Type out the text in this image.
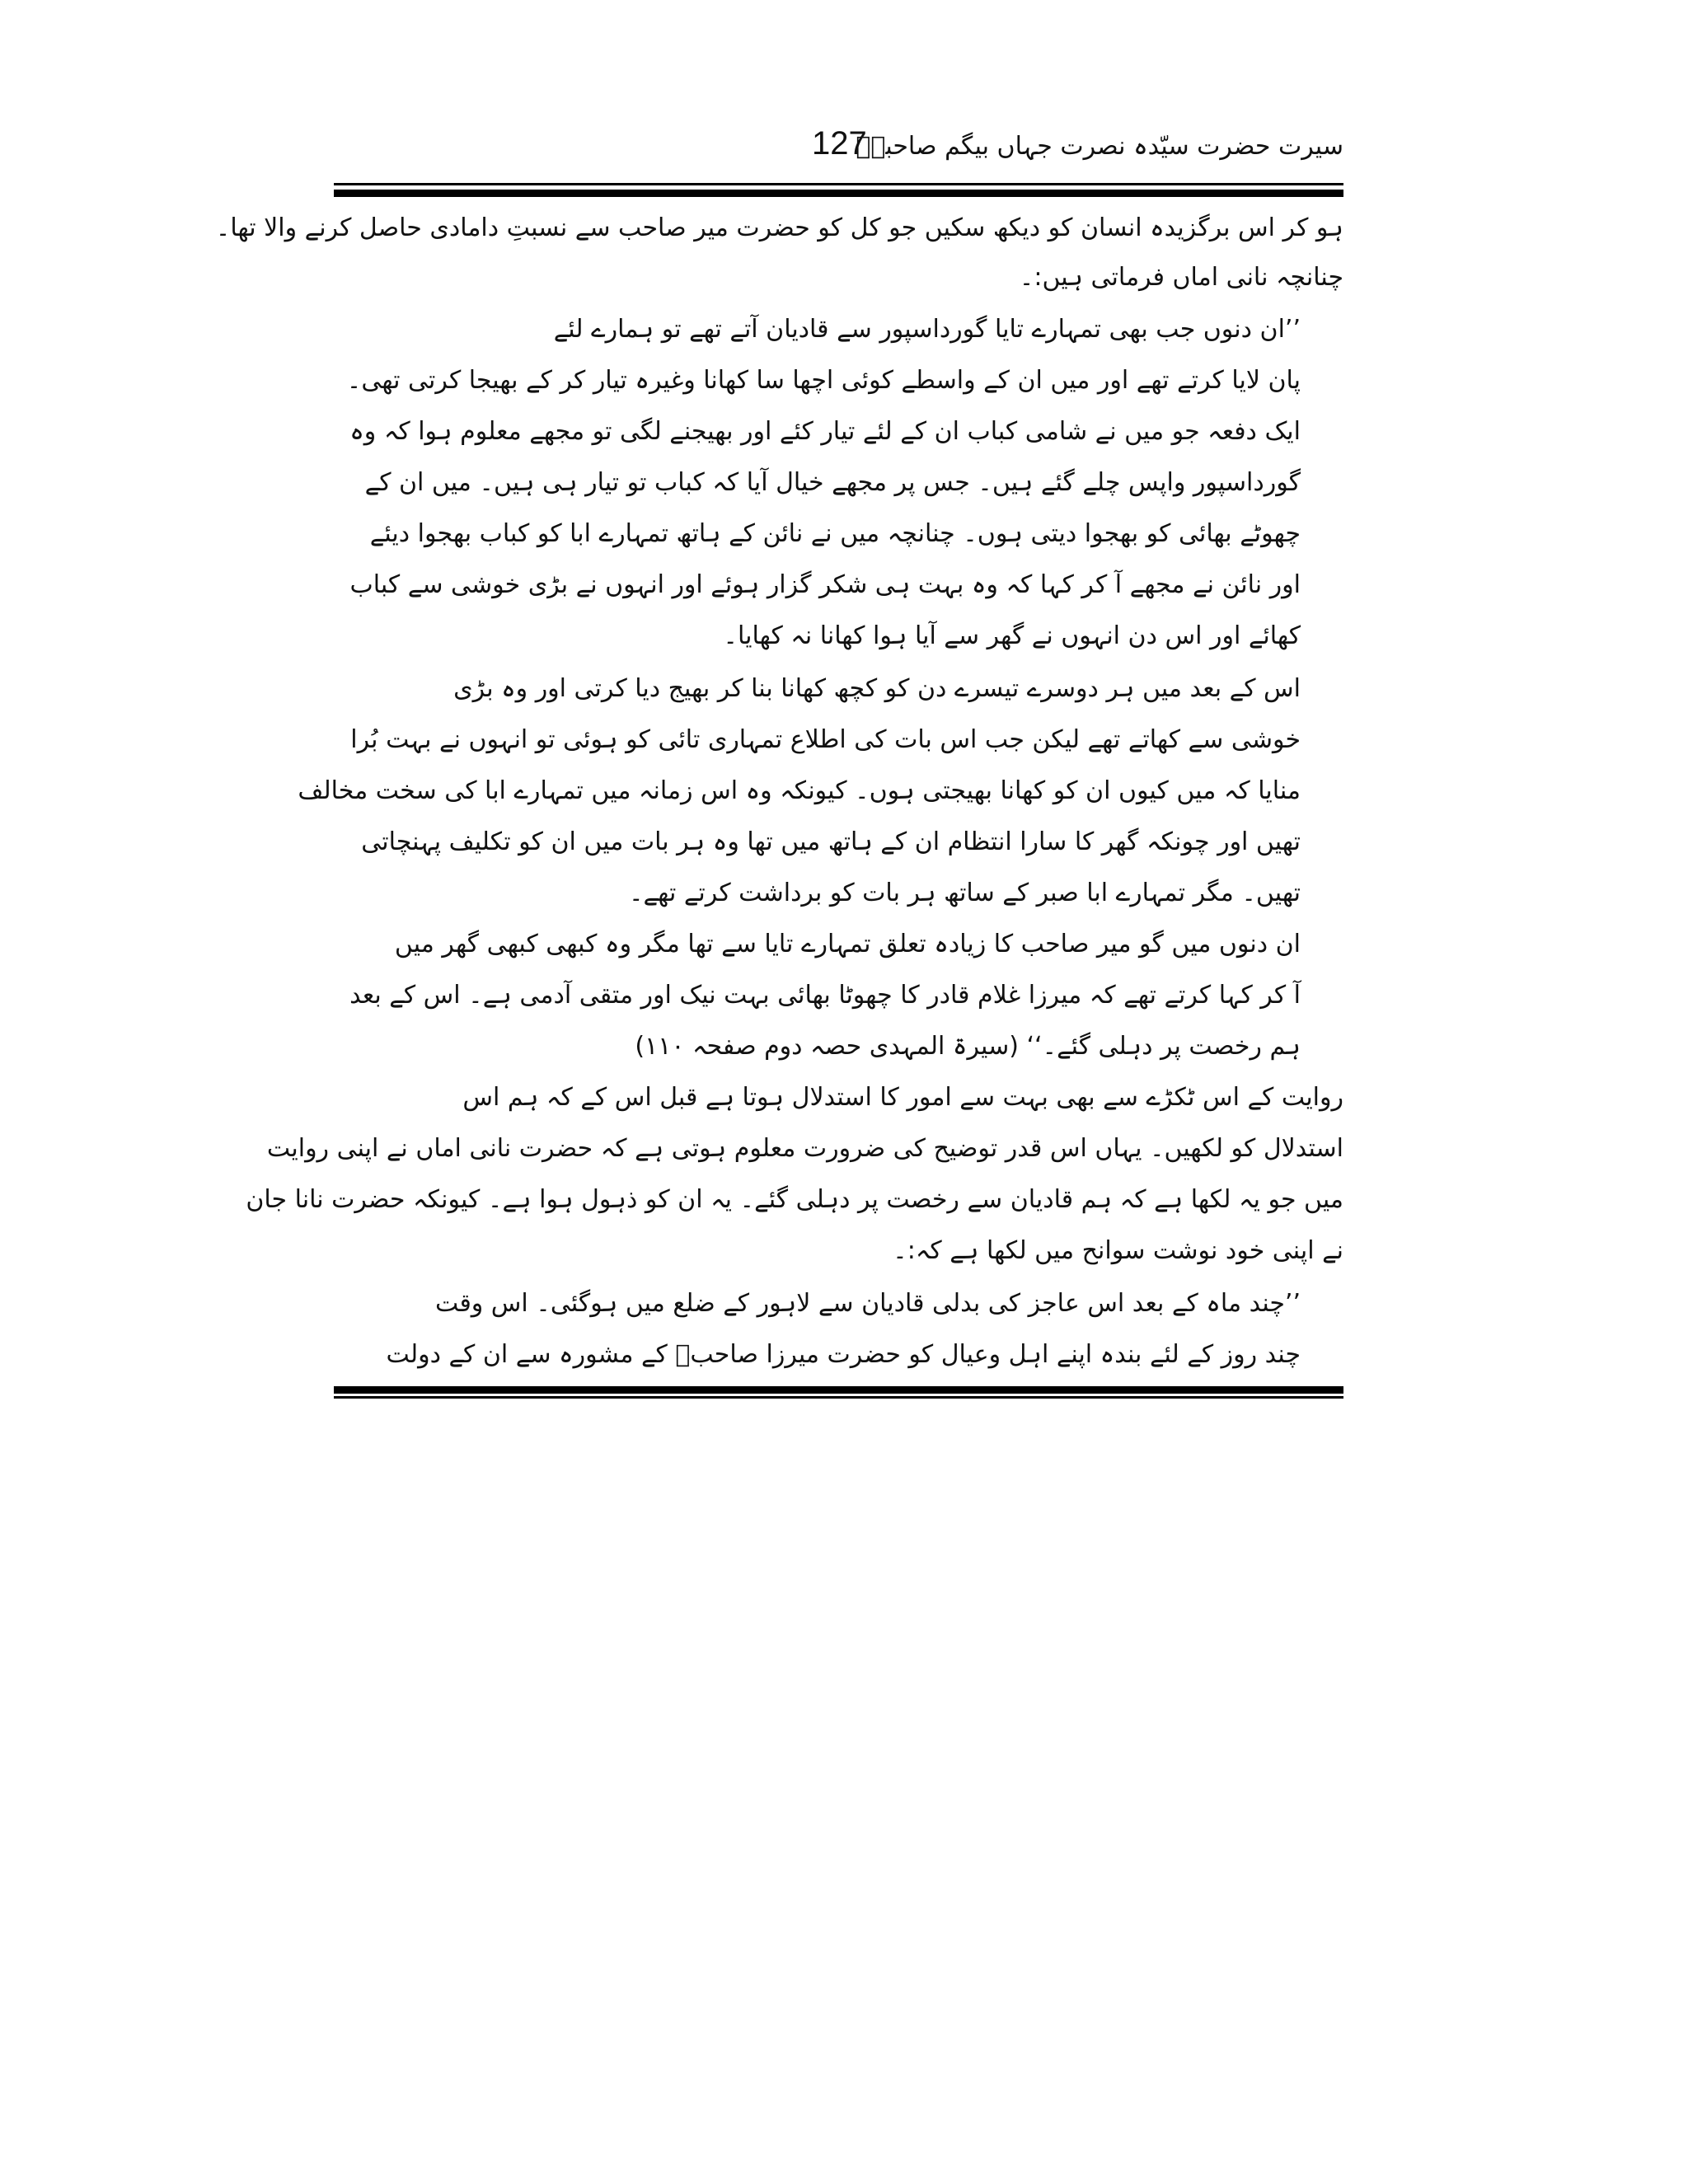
سیرت حضرت سیّدہ نصرت جہاں بیگم صاحبہؓ
127
ہو کر اس برگزیدہ انسان کو دیکھ سکیں جو کل کو حضرت میر صاحب سے نسبتِ دامادی حاصل کرنے والا تھا۔
چنانچہ نانی اماں فرماتی ہیں:۔
’’ان دنوں جب بھی تمہارے تایا گورداسپور سے قادیان آتے تھے تو ہمارے لئے
پان لایا کرتے تھے اور میں ان کے واسطے کوئی اچھا سا کھانا وغیرہ تیار کر کے بھیجا کرتی تھی۔
ایک دفعہ جو میں نے شامی کباب ان کے لئے تیار کئے اور بھیجنے لگی تو مجھے معلوم ہوا کہ وہ
گورداسپور واپس چلے گئے ہیں۔ جس پر مجھے خیال آیا کہ کباب تو تیار ہی ہیں۔ میں ان کے
چھوٹے بھائی کو بھجوا دیتی ہوں۔ چنانچہ میں نے نائن کے ہاتھ تمہارے ابا کو کباب بھجوا دیئے
اور نائن نے مجھے آ کر کہا کہ وہ بہت ہی شکر گزار ہوئے اور انہوں نے بڑی خوشی سے کباب
کھائے اور اس دن انہوں نے گھر سے آیا ہوا کھانا نہ کھایا۔
اس کے بعد میں ہر دوسرے تیسرے دن کو کچھ کھانا بنا کر بھیج دیا کرتی اور وہ بڑی
خوشی سے کھاتے تھے لیکن جب اس بات کی اطلاع تمہاری تائی کو ہوئی تو انہوں نے بہت بُرا
منایا کہ میں کیوں ان کو کھانا بھیجتی ہوں۔ کیونکہ وہ اس زمانہ میں تمہارے ابا کی سخت مخالف
تھیں اور چونکہ گھر کا سارا انتظام ان کے ہاتھ میں تھا وہ ہر بات میں ان کو تکلیف پہنچاتی
تھیں۔ مگر تمہارے ابا صبر کے ساتھ ہر بات کو برداشت کرتے تھے۔
ان دنوں میں گو میر صاحب کا زیادہ تعلق تمہارے تایا سے تھا مگر وہ کبھی کبھی گھر میں
آ کر کہا کرتے تھے کہ میرزا غلام قادر کا چھوٹا بھائی بہت نیک اور متقی آدمی ہے۔ اس کے بعد
ہم رخصت پر دہلی گئے۔‘‘ (سیرۃ المہدی حصہ دوم صفحہ ۱۱۰)
روایت کے اس ٹکڑے سے بھی بہت سے امور کا استدلال ہوتا ہے قبل اس کے کہ ہم اس
استدلال کو لکھیں۔ یہاں اس قدر توضیح کی ضرورت معلوم ہوتی ہے کہ حضرت نانی اماں نے اپنی روایت
میں جو یہ لکھا ہے کہ ہم قادیان سے رخصت پر دہلی گئے۔ یہ ان کو ذہول ہوا ہے۔ کیونکہ حضرت نانا جان
نے اپنی خود نوشت سوانح میں لکھا ہے کہ:۔
’’چند ماہ کے بعد اس عاجز کی بدلی قادیان سے لاہور کے ضلع میں ہوگئی۔ اس وقت
چند روز کے لئے بندہ اپنے اہل وعیال کو حضرت میرزا صاحبؑ کے مشورہ سے ان کے دولت
